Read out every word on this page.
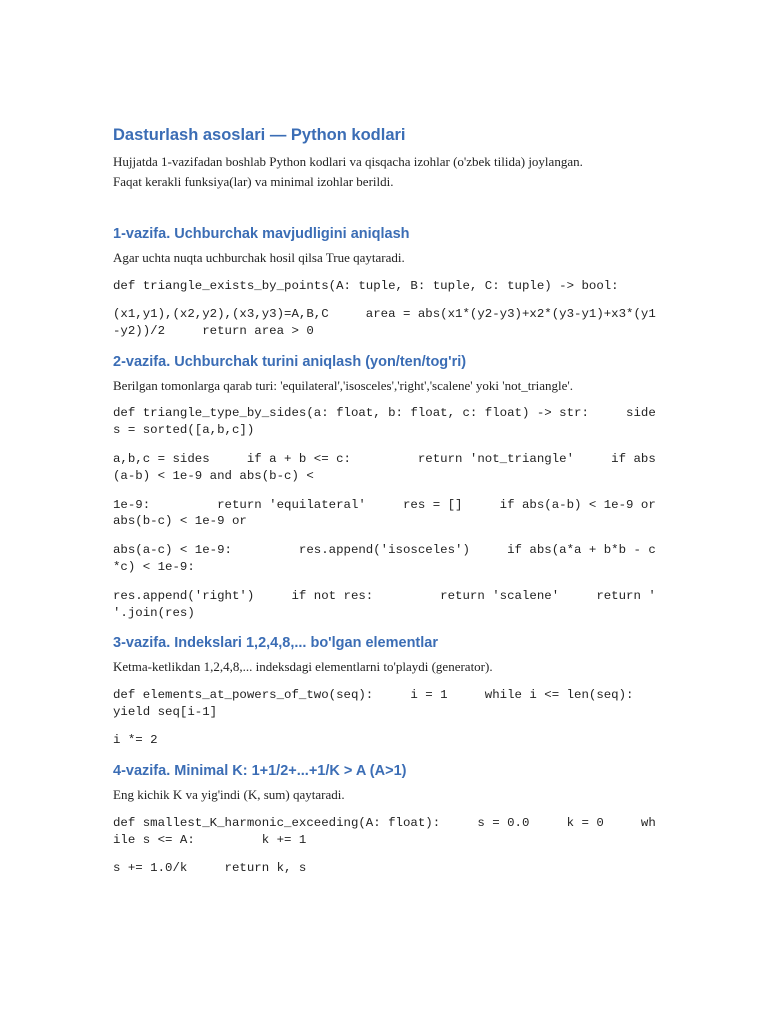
Dasturlash asoslari — Python kodlari

Hujjatda 1-vazifadan boshlab Python kodlari va qisqacha izohlar (o'zbek tilida) joylangan.

Faqat kerakli funksiya(lar) va minimal izohlar berildi.

1-vazifa. Uchburchak mavjudligini aniqlash

Agar uchta nuqta uchburchak hosil qilsa True qaytaradi.

def triangle_exists_by_points(A: tuple, B: tuple, C: tuple) -> bool:

(x1,y1),(x2,y2),(x3,y3)=A,B,C     area = abs(x1*(y2-y3)+x2*(y3-y1)+x3*(y1-y2))/2     return area > 0

2-vazifa. Uchburchak turini aniqlash (yon/ten/tog'ri)

Berilgan tomonlarga qarab turi: 'equilateral','isosceles','right','scalene' yoki 'not_triangle'.

def triangle_type_by_sides(a: float, b: float, c: float) -> str:     sides = sorted([a,b,c])

a,b,c = sides     if a + b <= c:         return 'not_triangle'     if abs(a-b) < 1e-9 and abs(b-c) <

1e-9:         return 'equilateral'     res = []     if abs(a-b) < 1e-9 or abs(b-c) < 1e-9 or

abs(a-c) < 1e-9:         res.append('isosceles')     if abs(a*a + b*b - c*c) < 1e-9:

res.append('right')     if not res:         return 'scalene'     return ' '.join(res)

3-vazifa. Indekslari 1,2,4,8,... bo'lgan elementlar

Ketma-ketlikdan 1,2,4,8,... indeksdagi elementlarni to'playdi (generator).

def elements_at_powers_of_two(seq):     i = 1     while i <= len(seq):         yield seq[i-1]

i *= 2

4-vazifa. Minimal K: 1+1/2+...+1/K > A (A>1)

Eng kichik K va yig'indi (K, sum) qaytaradi.

def smallest_K_harmonic_exceeding(A: float):     s = 0.0     k = 0     while s <= A:         k += 1

s += 1.0/k     return k, s
